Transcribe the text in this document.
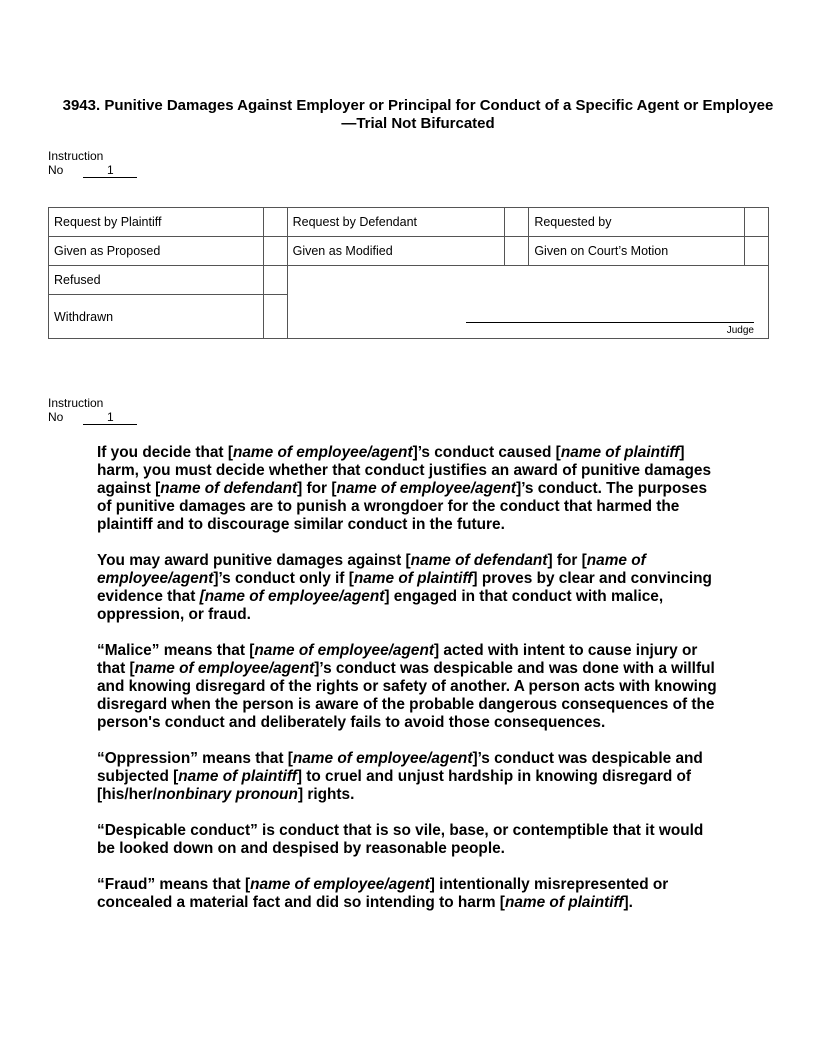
3943. Punitive Damages Against Employer or Principal for Conduct of a Specific Agent or Employee—Trial Not Bifurcated
Instruction
No	1
Request by Plaintiff		Request by Defendant		Requested by	
Given as Proposed		Given as Modified		Given on Court’s Motion	
Refused		Judge			

Withdrawn					
Instruction
No	1

If you decide that [name of employee/agent]’s conduct caused [name of plaintiff] harm, you must decide whether that conduct justifies an award of punitive damages against [name of defendant] for [name of employee/agent]’s conduct. The purposes of punitive damages are to punish a wrongdoer for the conduct that harmed the plaintiff and to discourage similar conduct in the future.

You may award punitive damages against [name of defendant] for [name of employee/agent]’s conduct only if [name of plaintiff] proves by clear and convincing evidence that [name of employee/agent] engaged in that conduct with malice, oppression, or fraud.

“Malice” means that [name of employee/agent] acted with intent to cause injury or that [name of employee/agent]’s conduct was despicable and was done with a willful and knowing disregard of the rights or safety of another. A person acts with knowing disregard when the person is aware of the probable dangerous consequences of the person's conduct and deliberately fails to avoid those consequences.

“Oppression” means that [name of employee/agent]’s conduct was despicable and subjected [name of plaintiff] to cruel and unjust hardship in knowing disregard of [his/her/nonbinary pronoun] rights.

“Despicable conduct” is conduct that is so vile, base, or contemptible that it would be looked down on and despised by reasonable people.

“Fraud” means that [name of employee/agent] intentionally misrepresented or concealed a material fact and did so intending to harm [name of plaintiff].
